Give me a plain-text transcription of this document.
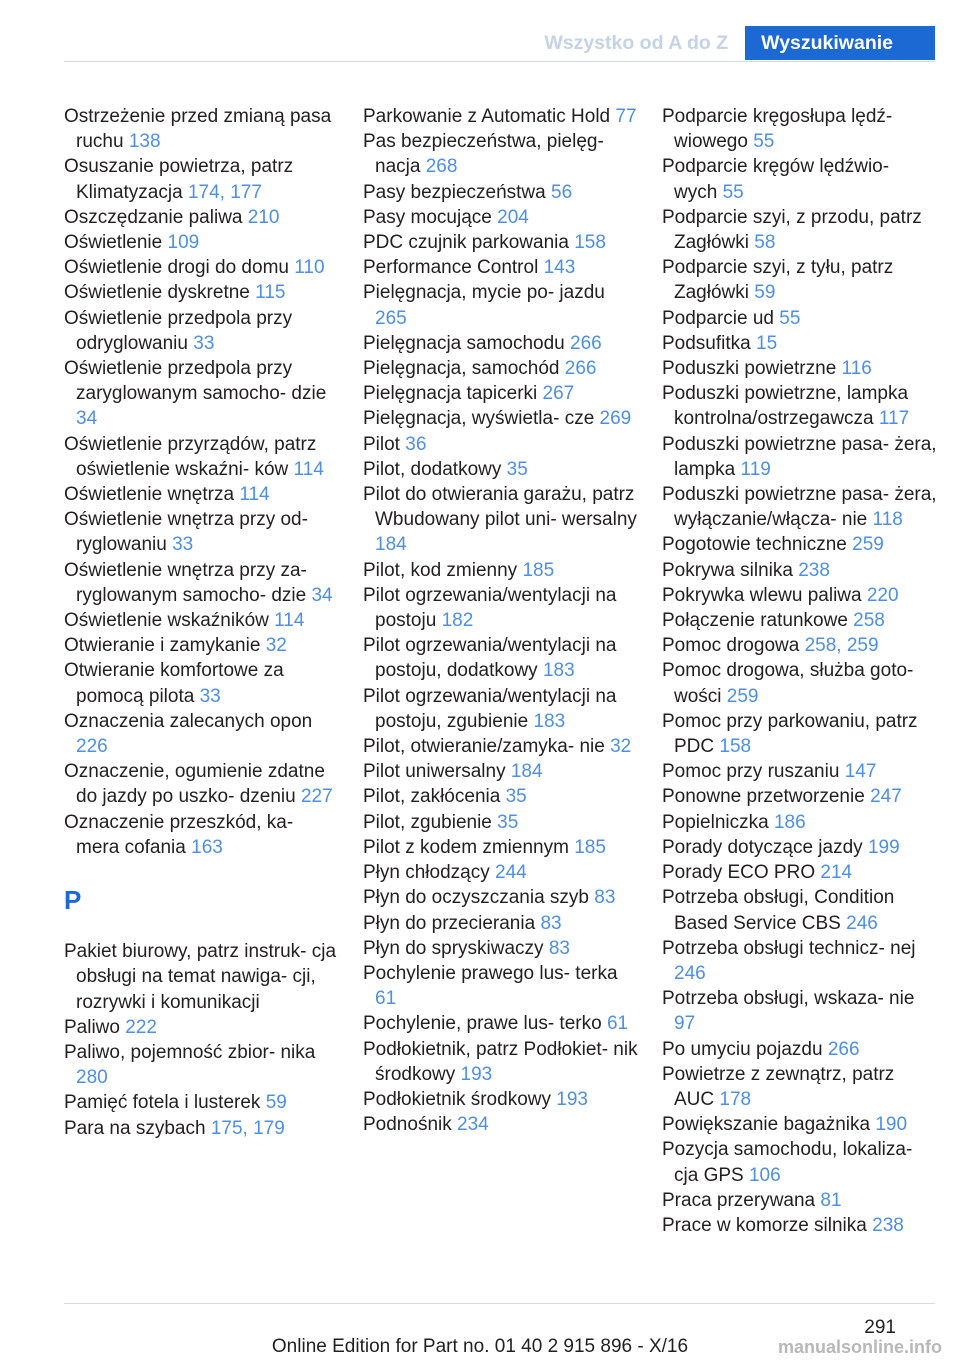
Wszystko od A do Z	Wyszukiwanie
Ostrzeżenie przed zmianą pasa ruchu 138
Osuszanie powietrza, patrz Klimatyzacja 174, 177
Oszczędzanie paliwa 210
Oświetlenie 109
Oświetlenie drogi do domu 110
Oświetlenie dyskretne 115
Oświetlenie przedpola przy odryglowaniu 33
Oświetlenie przedpola przy zaryglowanym samocho‐ dzie 34
Oświetlenie przyrządów, patrz oświetlenie wskaźni‐ ków 114
Oświetlenie wnętrza 114
Oświetlenie wnętrza przy od‐ ryglowaniu 33
Oświetlenie wnętrza przy za‐ ryglowanym samocho‐ dzie 34
Oświetlenie wskaźników 114
Otwieranie i zamykanie 32
Otwieranie komfortowe za pomocą pilota 33
Oznaczenia zalecanych opon 226
Oznaczenie, ogumienie zdatne do jazdy po uszko‐ dzeniu 227
Oznaczenie przeszkód, ka‐ mera cofania 163
P
Pakiet biurowy, patrz instruk‐ cja obsługi na temat nawiga‐ cji, rozrywki i komunikacji
Paliwo 222
Paliwo, pojemność zbior‐ nika 280
Pamięć fotela i lusterek 59
Para na szybach 175, 179
Parkowanie z Automatic Hold 77
Pas bezpieczeństwa, pielęg‐ nacja 268
Pasy bezpieczeństwa 56
Pasy mocujące 204
PDC czujnik parkowania 158
Performance Control 143
Pielęgnacja, mycie po‐ jazdu 265
Pielęgnacja samochodu 266
Pielęgnacja, samochód 266
Pielęgnacja tapicerki 267
Pielęgnacja, wyświetla‐ cze 269
Pilot 36
Pilot, dodatkowy 35
Pilot do otwierania garażu, patrz Wbudowany pilot uni‐ wersalny 184
Pilot, kod zmienny 185
Pilot ogrzewania/wentylacji na postoju 182
Pilot ogrzewania/wentylacji na postoju, dodatkowy 183
Pilot ogrzewania/wentylacji na postoju, zgubienie 183
Pilot, otwieranie/zamyka‐ nie 32
Pilot uniwersalny 184
Pilot, zakłócenia 35
Pilot, zgubienie 35
Pilot z kodem zmiennym 185
Płyn chłodzący 244
Płyn do oczyszczania szyb 83
Płyn do przecierania 83
Płyn do spryskiwaczy 83
Pochylenie prawego lus‐ terka 61
Pochylenie, prawe lus‐ terko 61
Podłokietnik, patrz Podłokiet‐ nik środkowy 193
Podłokietnik środkowy 193
Podnośnik 234
Podparcie kręgosłupa lędź‐ wiowego 55
Podparcie kręgów lędźwio‐ wych 55
Podparcie szyi, z przodu, patrz Zagłówki 58
Podparcie szyi, z tyłu, patrz Zagłówki 59
Podparcie ud 55
Podsufitka 15
Poduszki powietrzne 116
Poduszki powietrzne, lampka kontrolna/ostrzegawcza 117
Poduszki powietrzne pasa‐ żera, lampka 119
Poduszki powietrzne pasa‐ żera, wyłączanie/włącza‐ nie 118
Pogotowie techniczne 259
Pokrywa silnika 238
Pokrywka wlewu paliwa 220
Połączenie ratunkowe 258
Pomoc drogowa 258, 259
Pomoc drogowa, służba goto‐ wości 259
Pomoc przy parkowaniu, patrz PDC 158
Pomoc przy ruszaniu 147
Ponowne przetworzenie 247
Popielniczka 186
Porady dotyczące jazdy 199
Porady ECO PRO 214
Potrzeba obsługi, Condition Based Service CBS 246
Potrzeba obsługi technicz‐ nej 246
Potrzeba obsługi, wskaza‐ nie 97
Po umyciu pojazdu 266
Powietrze z zewnątrz, patrz AUC 178
Powiększanie bagażnika 190
Pozycja samochodu, lokaliza‐ cja GPS 106
Praca przerywana 81
Prace w komorze silnika 238
291
Online Edition for Part no. 01 40 2 915 896 - X/16	manualsonline.info
